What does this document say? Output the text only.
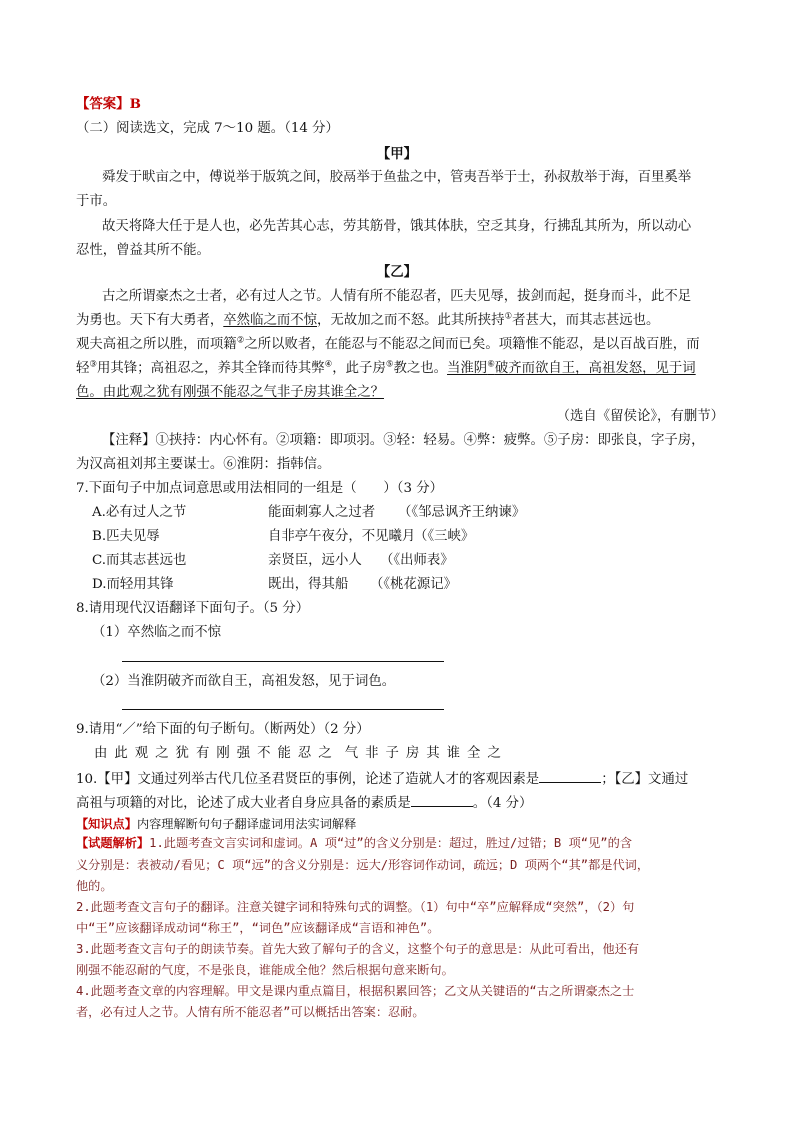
【答案】B
（二）阅读选文，完成 7～10 题。（14 分）
【甲】
舜发于畎亩之中，傅说举于版筑之间，胶鬲举于鱼盐之中，管夷吾举于士，孙叔敖举于海，百里奚举
于市。
故天将降大任于是人也，必先苦其心志，劳其筋骨，饿其体肤，空乏其身，行拂乱其所为，所以动心
忍性，曾益其所不能。
【乙】
古之所谓豪杰之士者，必有过人之节。人情有所不能忍者，匹夫见辱，拔剑而起，挺身而斗，此不足
为勇也。天下有大勇者，卒然临之而不惊，无故加之而不怒。此其所挟持①者甚大，而其志甚远也。
观夫高祖之所以胜，而项籍②之所以败者，在能忍与不能忍之间而已矣。项籍惟不能忍，是以百战百胜，而
轻③用其锋；高祖忍之，养其全锋而待其弊④，此子房⑤教之也。当淮阴⑥破齐而欲自王，高祖发怒，见于词
色。由此观之犹有刚强不能忍之气非子房其谁全之？
（选自《留侯论》，有删节）
【注释】①挟持：内心怀有。②项籍：即项羽。③轻：轻易。④弊：疲弊。⑤子房：即张良，字子房，
为汉高祖刘邦主要谋士。⑥淮阴：指韩信。
7.下面句子中加点词意思或用法相同的一组是（　　）（3 分）
A.必有过人之节	能面刺寡人之过者 （《邹忌讽齐王纳谏》
B.匹夫见辱	自非亭午夜分，不见曦月
（《三峡》
C.而其志甚远也	亲贤臣，远小人 （《出师表》
D.而轻用其锋	既出，得其船 （《桃花源记》
8.请用现代汉语翻译下面句子。（5 分）
（1）卒然临之而不惊
（2）当淮阴破齐而欲自王，高祖发怒，见于词色。
9.请用“／”给下面的句子断句。（断两处）（2 分）
由此观之犹有刚强不能忍之 气非子房其谁全之
10.【甲】文通过列举古代几位圣君贤臣的事例，论述了造就人才的客观因素是	；【乙】文通过
高祖与项籍的对比，论述了成大业者自身应具备的素质是	。（4 分）
【知识点】内容理解断句句子翻译虚词用法实词解释
【试题解析】1.此题考查文言实词和虚词。A 项“过”的含义分别是：超过，胜过/过错；B 项“见”的含
义分别是：表被动/看见；C 项“远”的含义分别是：远大/形容词作动词，疏远；D 项两个“其”都是代词，
他的。
2.此题考查文言句子的翻译。注意关键字词和特殊句式的调整。（1）句中“卒”应解释成“突然”，（2）句
中“王”应该翻译成动词“称王”，“词色”应该翻译成“言语和神色”。
3.此题考查文言句子的朗读节奏。首先大致了解句子的含义，这整个句子的意思是：从此可看出，他还有
刚强不能忍耐的气度，不是张良，谁能成全他？然后根据句意来断句。
4.此题考查文章的内容理解。甲文是课内重点篇目，根据积累回答；乙文从关键语的“古之所谓豪杰之士
者，必有过人之节。人情有所不能忍者”可以概括出答案：忍耐。
